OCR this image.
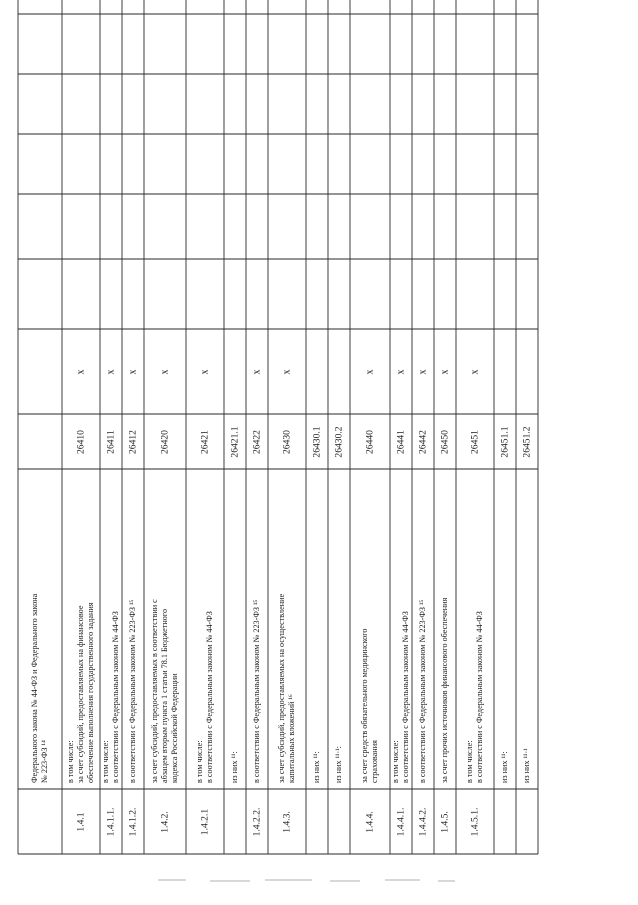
Федерального закона № 44-ФЗ и Федерального закона № 223-ФЗ ¹⁴
1.4.1
в том числе: за счет субсидий, предоставляемых на финансовое обеспечение выполнения государственного задания
26410
x
1.4.1.1.
в том числе: в соответствии с Федеральным законом № 44-ФЗ
26411
x
1.4.1.2.
в соответствии с Федеральным законом № 223-ФЗ ¹⁵
26412
x
1.4.2.
за счет субсидий, предоставляемых в соответствии с абзацем вторым пункта 1 статьи 78.1 Бюджетного кодекса Российской Федерации
26420
x
1.4.2.1
в том числе: в соответствии с Федеральным законом № 44-ФЗ
26421
x
из них ¹¹:
26421.1
1.4.2.2.
в соответствии с Федеральным законом № 223-ФЗ ¹⁵
26422
x
1.4.3.
за счет субсидий, предоставляемых на осуществление капитальных вложений ¹⁶
26430
x
из них ¹¹:
26430.1
из них ¹¹·¹:
26430.2
1.4.4.
за счет средств обязательного медицинского страхования
26440
x
1.4.4.1.
в том числе: в соответствии с Федеральным законом № 44-ФЗ
26441
x
1.4.4.2.
в соответствии с Федеральным законом № 223-ФЗ ¹⁵
26442
x
1.4.5.
за счет прочих источников финансового обеспечения
26450
x
1.4.5.1.
в том числе: в соответствии с Федеральным законом № 44-ФЗ
26451
x
из них ¹¹:
26451.1
из них ¹¹·¹
26451.2
